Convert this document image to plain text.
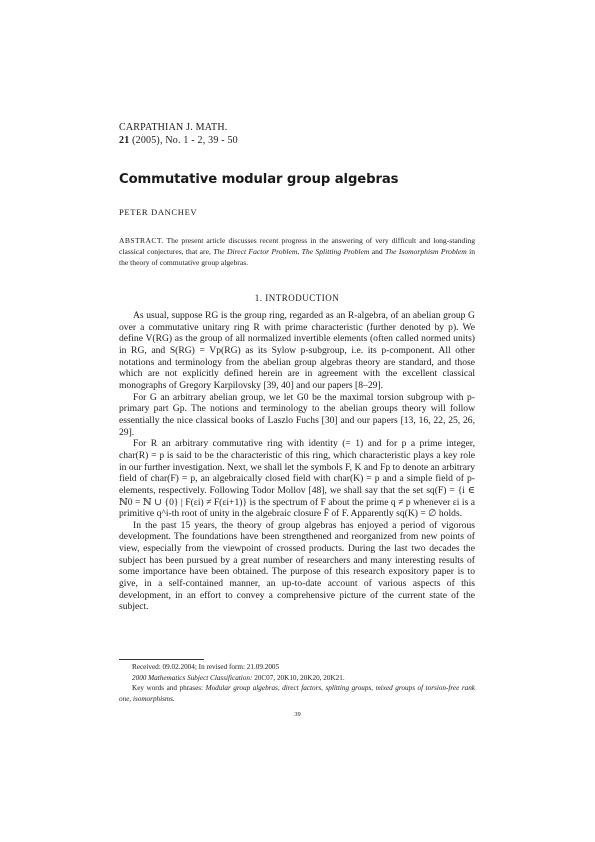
CARPATHIAN J. MATH.
21 (2005), No. 1 - 2, 39 - 50
Commutative modular group algebras
PETER DANCHEV
ABSTRACT. The present article discusses recent progress in the answering of very difficult and long-standing classical conjectures, that are, The Direct Factor Problem, The Splitting Problem and The Isomorphism Problem in the theory of commutative group algebras.
1. INTRODUCTION

As usual, suppose RG is the group ring, regarded as an R-algebra, of an abelian group G over a commutative unitary ring R with prime characteristic (further denoted by p). We define V(RG) as the group of all normalized invertible elements (often called normed units) in RG, and S(RG) = Vp(RG) as its Sylow p-subgroup, i.e. its p-component. All other notations and terminology from the abelian group algebras theory are standard, and those which are not explicitly defined herein are in agreement with the excellent classical monographs of Gregory Karpilovsky [39, 40] and our papers [8–29].

For G an arbitrary abelian group, we let G0 be the maximal torsion subgroup with p-primary part Gp. The notions and terminology to the abelian groups theory will follow essentially the nice classical books of Laszlo Fuchs [30] and our papers [13, 16, 22, 25, 26, 29].

For R an arbitrary commutative ring with identity (= 1) and for p a prime integer, char(R) = p is said to be the characteristic of this ring, which characteristic plays a key role in our further investigation. Next, we shall let the symbols F, K and Fp to denote an arbitrary field of char(F) = p, an algebraically closed field with char(K) = p and a simple field of p-elements, respectively. Following Todor Mollov [48], we shall say that the set sq(F) = {i ∈ ℕ0 = ℕ ∪ {0} | F(εi) ≠ F(εi+1)} is the spectrum of F about the prime q ≠ p whenever εi is a primitive q^i-th root of unity in the algebraic closure F̄ of F. Apparently sq(K) = ∅ holds.

In the past 15 years, the theory of group algebras has enjoyed a period of vigorous development. The foundations have been strengthened and reorganized from new points of view, especially from the viewpoint of crossed products. During the last two decades the subject has been pursued by a great number of researchers and many interesting results of some importance have been obtained. The purpose of this research expository paper is to give, in a self-contained manner, an up-to-date account of various aspects of this development, in an effort to convey a comprehensive picture of the current state of the subject.

Received: 09.02.2004; In revised form: 21.09.2005
2000 Mathematics Subject Classification: 20C07, 20K10, 20K20, 20K21.
Key words and phrases: Modular group algebras, direct factors, splitting groups, mixed groups of torsion-free rank one, isomorphisms.
39
